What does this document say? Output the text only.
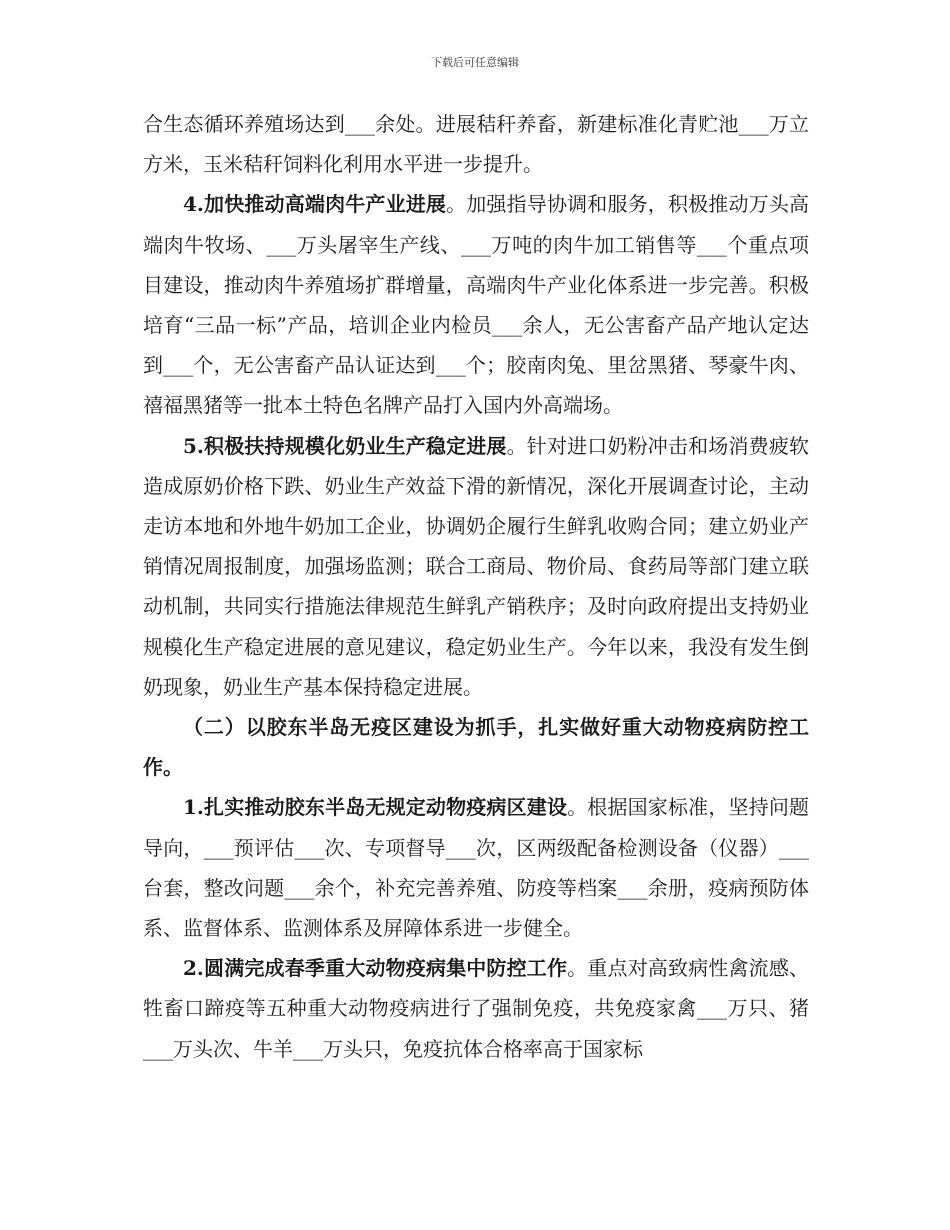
下载后可任意编辑

合生态循环养殖场达到___余处。进展秸秆养畜，新建标准化青贮池___万立方米，玉米秸秆饲料化利用水平进一步提升。

4.加快推动高端肉牛产业进展。加强指导协调和服务，积极推动万头高端肉牛牧场、___万头屠宰生产线、___万吨的肉牛加工销售等___个重点项目建设，推动肉牛养殖场扩群增量，高端肉牛产业化体系进一步完善。积极培育“三品一标”产品，培训企业内检员___余人，无公害畜产品产地认定达到___个，无公害畜产品认证达到___个；胶南肉兔、里岔黑猪、琴豪牛肉、禧福黑猪等一批本土特色名牌产品打入国内外高端场。

5.积极扶持规模化奶业生产稳定进展。针对进口奶粉冲击和场消费疲软造成原奶价格下跌、奶业生产效益下滑的新情况，深化开展调查讨论，主动走访本地和外地牛奶加工企业，协调奶企履行生鲜乳收购合同；建立奶业产销情况周报制度，加强场监测；联合工商局、物价局、食药局等部门建立联动机制，共同实行措施法律规范生鲜乳产销秩序；及时向政府提出支持奶业规模化生产稳定进展的意见建议，稳定奶业生产。今年以来，我没有发生倒奶现象，奶业生产基本保持稳定进展。

（二）以胶东半岛无疫区建设为抓手，扎实做好重大动物疫病防控工作。

1.扎实推动胶东半岛无规定动物疫病区建设。根据国家标准，坚持问题导向，___预评估___次、专项督导___次，区两级配备检测设备（仪器）___台套，整改问题___余个，补充完善养殖、防疫等档案___余册，疫病预防体系、监督体系、监测体系及屏障体系进一步健全。

2.圆满完成春季重大动物疫病集中防控工作。重点对高致病性禽流感、牲畜口蹄疫等五种重大动物疫病进行了强制免疫，共免疫家禽___万只、猪___万头次、牛羊___万头只，免疫抗体合格率高于国家标
